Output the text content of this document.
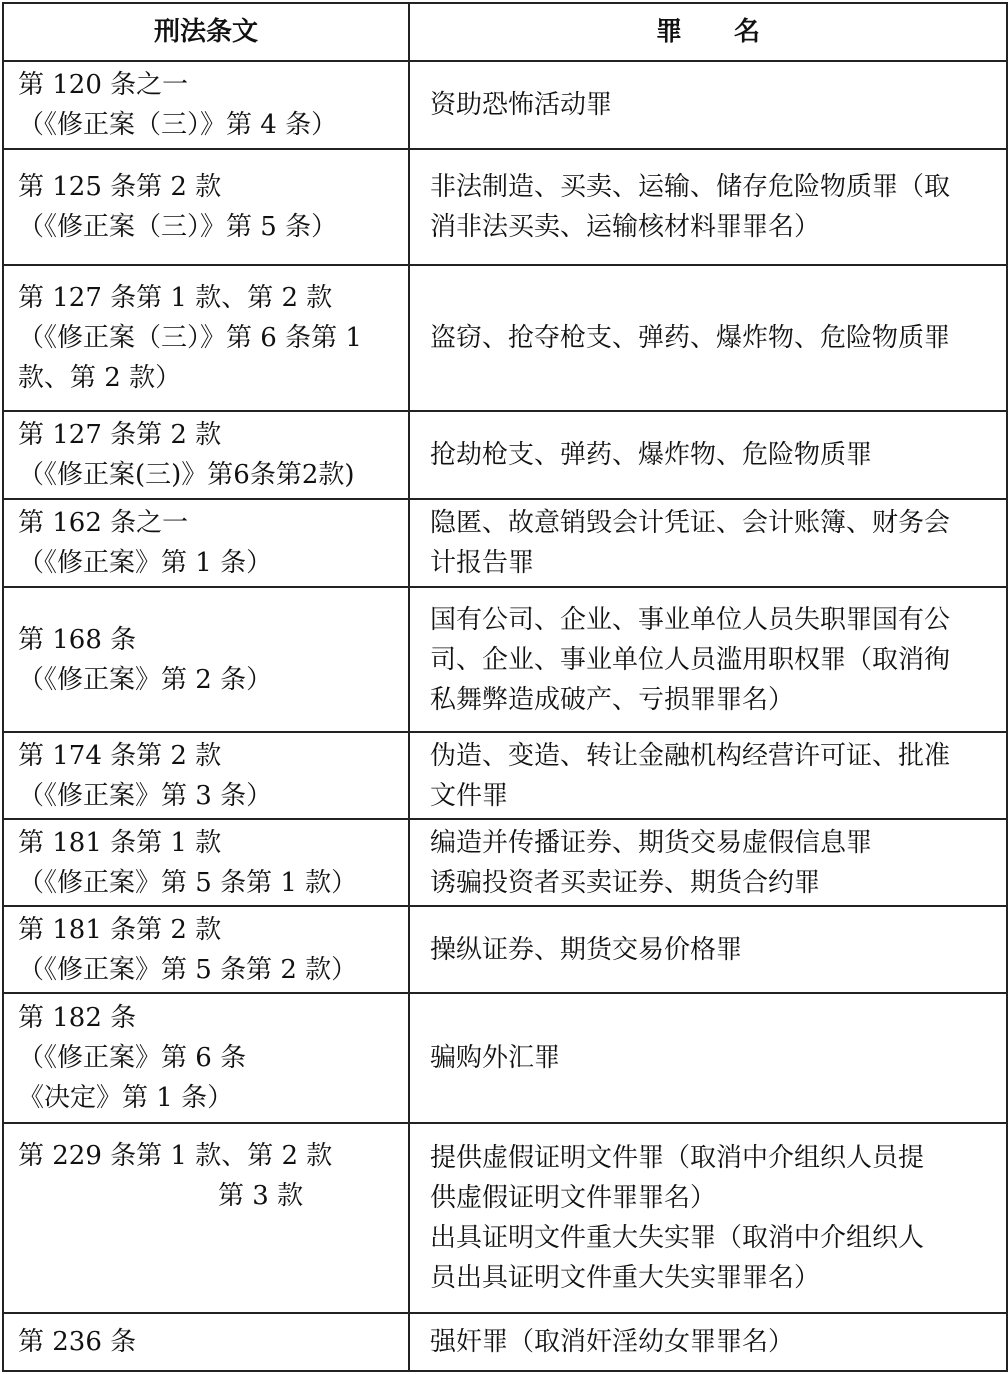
刑法条文	罪　　名

第 120 条之一
（《修正案（三）》第 4 条）	资助恐怖活动罪

第 125 条第 2 款
（《修正案（三）》第 5 条）	非法制造、买卖、运输、储存危险物质罪（取
消非法买卖、运输核材料罪罪名）

第 127 条第 1 款、第 2 款
（《修正案（三）》第 6 条第 1
款、第 2 款）	盗窃、抢夺枪支、弹药、爆炸物、危险物质罪

第 127 条第 2 款
（《修正案(三)》第6条第2款)	抢劫枪支、弹药、爆炸物、危险物质罪

第 162 条之一
（《修正案》第 1 条）	隐匿、故意销毁会计凭证、会计账簿、财务会
计报告罪

第 168 条
（《修正案》第 2 条）	国有公司、企业、事业单位人员失职罪国有公
司、企业、事业单位人员滥用职权罪（取消徇
私舞弊造成破产、亏损罪罪名）

第 174 条第 2 款
（《修正案》第 3 条）	伪造、变造、转让金融机构经营许可证、批准
文件罪

第 181 条第 1 款
（《修正案》第 5 条第 1 款）	编造并传播证券、期货交易虚假信息罪
诱骗投资者买卖证券、期货合约罪

第 181 条第 2 款
（《修正案》第 5 条第 2 款）	操纵证券、期货交易价格罪

第 182 条
（《修正案》第 6 条
《决定》第 1 条）	骗购外汇罪

第 229 条第 1 款、第 2 款
第 3 款	提供虚假证明文件罪（取消中介组织人员提
供虚假证明文件罪罪名）
出具证明文件重大失实罪（取消中介组织人
员出具证明文件重大失实罪罪名）

第 236 条	强奸罪（取消奸淫幼女罪罪名）
